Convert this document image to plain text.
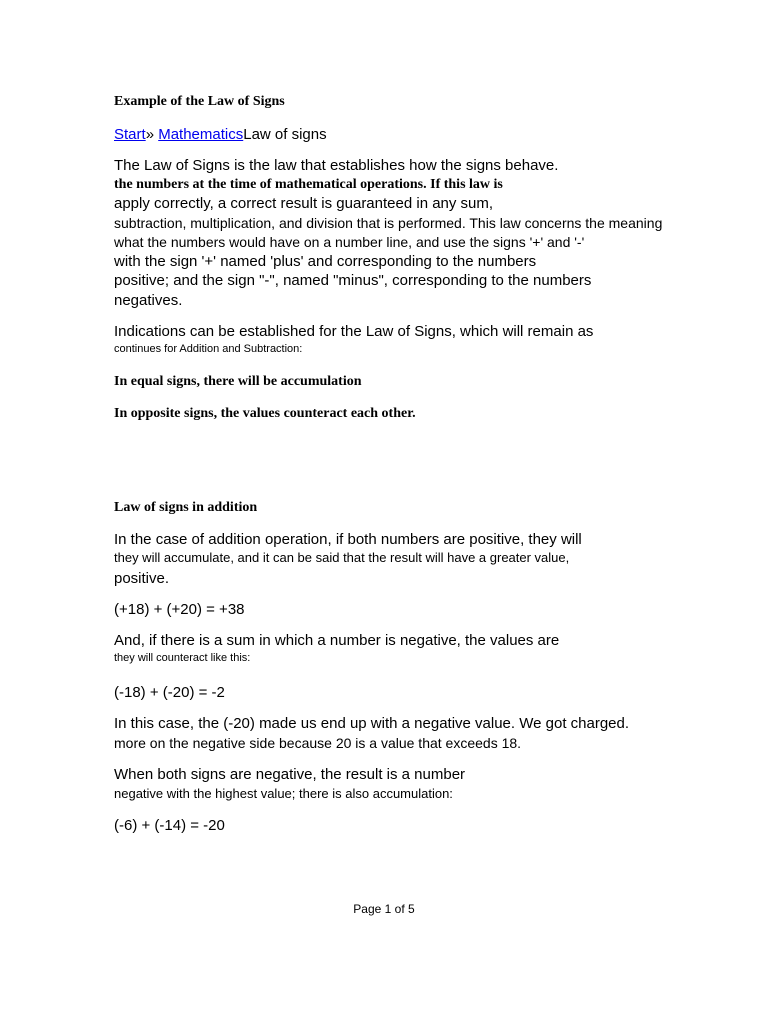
Example of the Law of Signs
Start» MathematicsLaw of signs
The Law of Signs is the law that establishes how the signs behave.
the numbers at the time of mathematical operations. If this law is
apply correctly, a correct result is guaranteed in any sum,
subtraction, multiplication, and division that is performed. This law concerns the meaning
what the numbers would have on a number line, and use the signs '+' and '-'
with the sign '+' named 'plus' and corresponding to the numbers
positive; and the sign "-", named "minus", corresponding to the numbers
negatives.
Indications can be established for the Law of Signs, which will remain as
continues for Addition and Subtraction:
In equal signs, there will be accumulation
In opposite signs, the values counteract each other.
Law of signs in addition
In the case of addition operation, if both numbers are positive, they will
they will accumulate, and it can be said that the result will have a greater value,
positive.
(+18) + (+20) = +38
And, if there is a sum in which a number is negative, the values are
they will counteract like this:
(-18) + (-20) = -2
In this case, the (-20) made us end up with a negative value. We got charged.
more on the negative side because 20 is a value that exceeds 18.
When both signs are negative, the result is a number
negative with the highest value; there is also accumulation:
(-6) + (-14) = -20
Page 1 of 5
